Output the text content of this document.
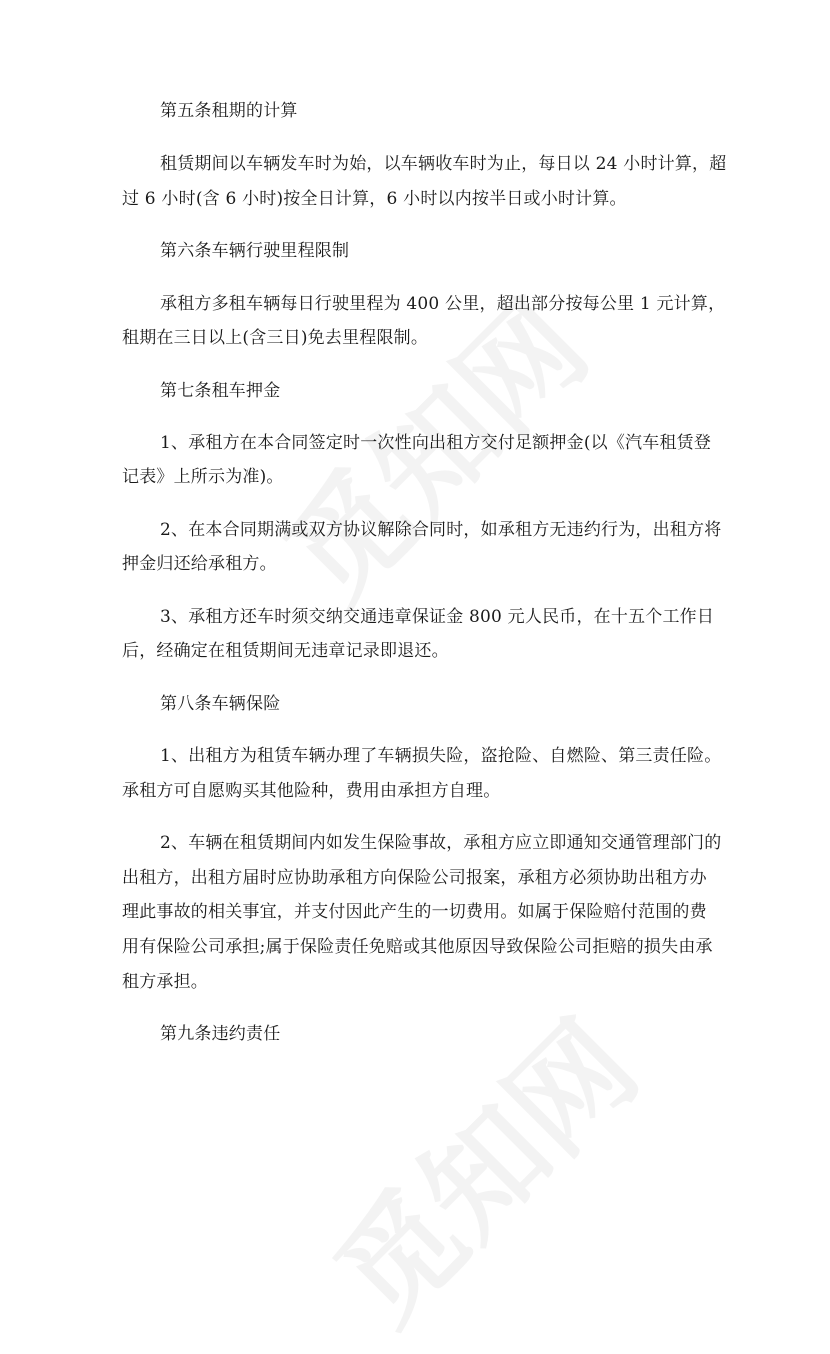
第五条租期的计算
租赁期间以车辆发车时为始，以车辆收车时为止，每日以 24 小时计算，超
过 6 小时(含 6 小时)按全日计算，6 小时以内按半日或小时计算。
第六条车辆行驶里程限制
承租方多租车辆每日行驶里程为 400 公里，超出部分按每公里 1 元计算，
租期在三日以上(含三日)免去里程限制。
第七条租车押金
1、承租方在本合同签定时一次性向出租方交付足额押金(以《汽车租赁登
记表》上所示为准)。
2、在本合同期满或双方协议解除合同时，如承租方无违约行为，出租方将
押金归还给承租方。
3、承租方还车时须交纳交通违章保证金 800 元人民币，在十五个工作日
后，经确定在租赁期间无违章记录即退还。
第八条车辆保险
1、出租方为租赁车辆办理了车辆损失险，盗抢险、自燃险、第三责任险。
承租方可自愿购买其他险种，费用由承担方自理。
2、车辆在租赁期间内如发生保险事故，承租方应立即通知交通管理部门的
出租方，出租方届时应协助承租方向保险公司报案，承租方必须协助出租方办
理此事故的相关事宜，并支付因此产生的一切费用。如属于保险赔付范围的费
用有保险公司承担;属于保险责任免赔或其他原因导致保险公司拒赔的损失由承
租方承担。
第九条违约责任
